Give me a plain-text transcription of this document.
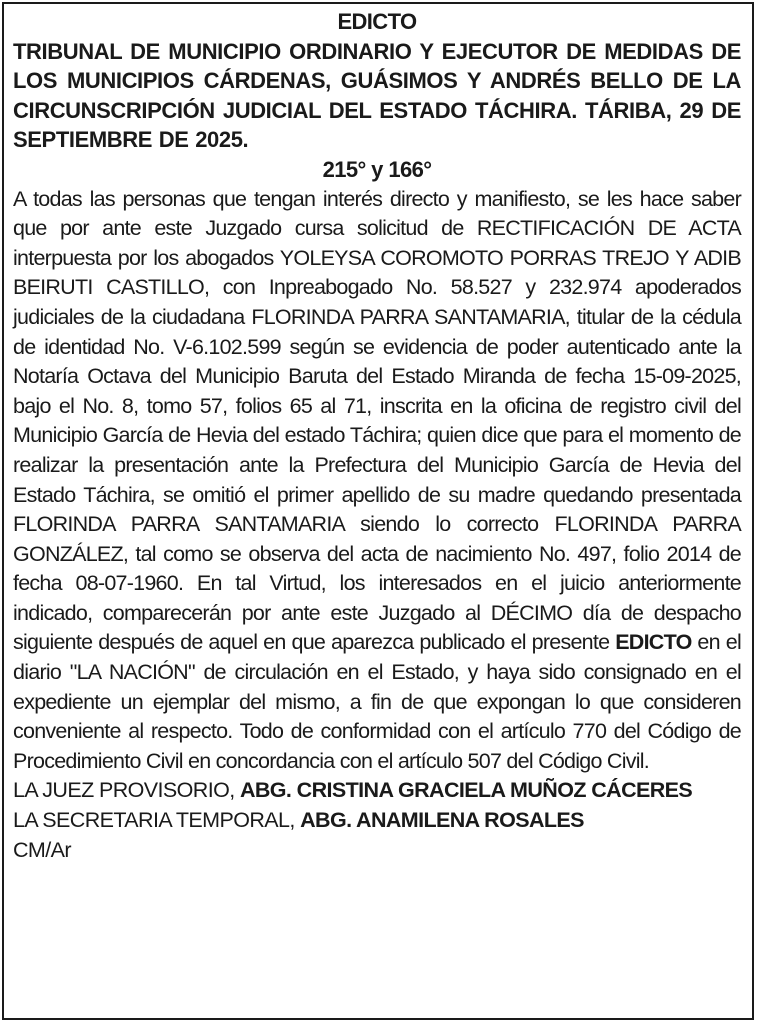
EDICTO

TRIBUNAL DE MUNICIPIO ORDINARIO Y EJECUTOR DE MEDIDAS DE LOS MUNICIPIOS CÁRDENAS, GUÁSIMOS Y ANDRÉS BELLO DE LA CIRCUNSCRIPCIÓN JUDICIAL DEL ESTADO TÁCHIRA. TÁRIBA, 29 DE SEPTIEMBRE DE 2025.

215° y 166°

A todas las personas que tengan interés directo y manifiesto, se les hace saber que por ante este Juzgado cursa solicitud de RECTIFICACIÓN DE ACTA interpuesta por los abogados YOLEYSA COROMOTO PORRAS TREJO Y ADIB BEIRUTI CASTILLO, con Inpreabogado No. 58.527 y 232.974 apoderados judiciales de la ciudadana FLORINDA PARRA SANTAMARIA, titular de la cédula de identidad No. V-6.102.599 según se evidencia de poder autenticado ante la Notaría Octava del Municipio Baruta del Estado Miranda de fecha 15-09-2025, bajo el No. 8, tomo 57, folios 65 al 71, inscrita en la oficina de registro civil del Municipio García de Hevia del estado Táchira; quien dice que para el momento de realizar la presentación ante la Prefectura del Municipio García de Hevia del Estado Táchira, se omitió el primer apellido de su madre quedando presentada FLORINDA PARRA SANTAMARIA siendo lo correcto FLORINDA PARRA GONZÁLEZ, tal como se observa del acta de nacimiento No. 497, folio 2014 de fecha 08-07-1960. En tal Virtud, los interesados en el juicio anteriormente indicado, comparecerán por ante este Juzgado al DÉCIMO día de despacho siguiente después de aquel en que aparezca publicado el presente EDICTO en el diario "LA NACIÓN" de circulación en el Estado, y haya sido consignado en el expediente un ejemplar del mismo, a fin de que expongan lo que consideren conveniente al respecto. Todo de conformidad con el artículo 770 del Código de Procedimiento Civil en concordancia con el artículo 507 del Código Civil.

LA JUEZ PROVISORIO, ABG. CRISTINA GRACIELA MUÑOZ CÁCERES

LA SECRETARIA TEMPORAL, ABG. ANAMILENA ROSALES

CM/Ar
